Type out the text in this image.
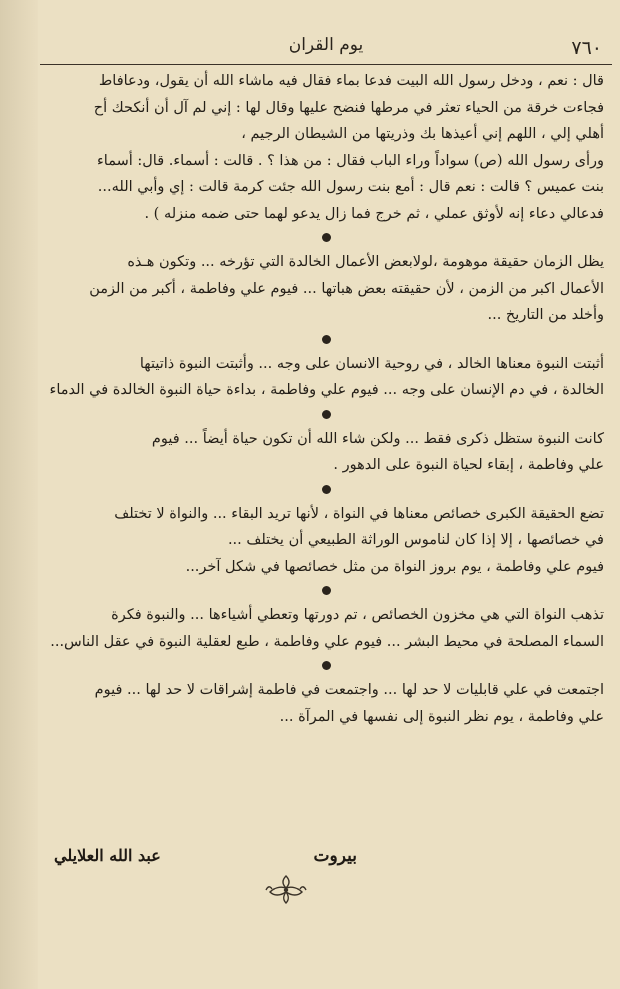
٧٦٠
يوم القران
قال : نعم ، ودخل رسول الله البيت فدعا بماء فقال فيه ماشاء الله أن يقول، ودعافاط
فجاءت خرقة من الحياء تعثر في مرطها فنضح عليها وقال لها : إني لم آل أن أنكحك أح
أهلي إلي ، اللهم إني أعيذها بك وذريتها من الشيطان الرجيم ،
ورأى رسول الله (ص) سواداً وراء الباب فقال : من هذا ؟ . قالت : أسماء. قال: أسماء
بنت عميس ؟ قالت : نعم قال : أمع بنت رسول الله جئت كرمة قالت : إي وأبي الله...
فدعالي دعاء إنه لأوثق عملي ، ثم خرج فما زال يدعو لهما حتى ضمه منزله ) .
يظل الزمان حقيقة موهومة ،لولابعض الأعمال الخالدة التي تؤرخه ... وتكون هـذه
الأعمال اكبر من الزمن ، لأن حقيقته بعض هباتها ... فيوم علي وفاطمة ، أكبر من الزمن
وأخلد من التاريخ ...
أثبتت النبوة معناها الخالد ، في روحية الانسان على وجه ... وأثبتت النبوة ذاتيتها
الخالدة ، في دم الإنسان على وجه ... فيوم علي وفاطمة ، بداءة حياة النبوة الخالدة في الدماء
كانت النبوة ستظل ذكرى فقط ... ولكن شاء الله أن تكون حياة أيضاً ... فيوم
علي وفاطمة ، إبقاء لحياة النبوة على الدهور .
تضع الحقيقة الكبرى خصائص معناها في النواة ، لأنها تريد البقاء ... والنواة لا تختلف
في خصائصها ، إلا إذا كان لناموس الوراثة الطبيعي أن يختلف ...
فيوم علي وفاطمة ، يوم بروز النواة من مثل خصائصها في شكل آخر...
تذهب النواة التي هي مخزون الخصائص ، تم دورتها وتعطي أشياءها ... والنبوة فكرة
السماء المصلحة في محيط البشر ... فيوم علي وفاطمة ، طبع لعقلية النبوة في عقل الناس...
اجتمعت في علي قابليات لا حد لها ... واجتمعت في فاطمة إشراقات لا حد لها ... فيوم
علي وفاطمة ، يوم نظر النبوة إلى نفسها في المرآة ...
بيروت
عبد الله العلايلي
